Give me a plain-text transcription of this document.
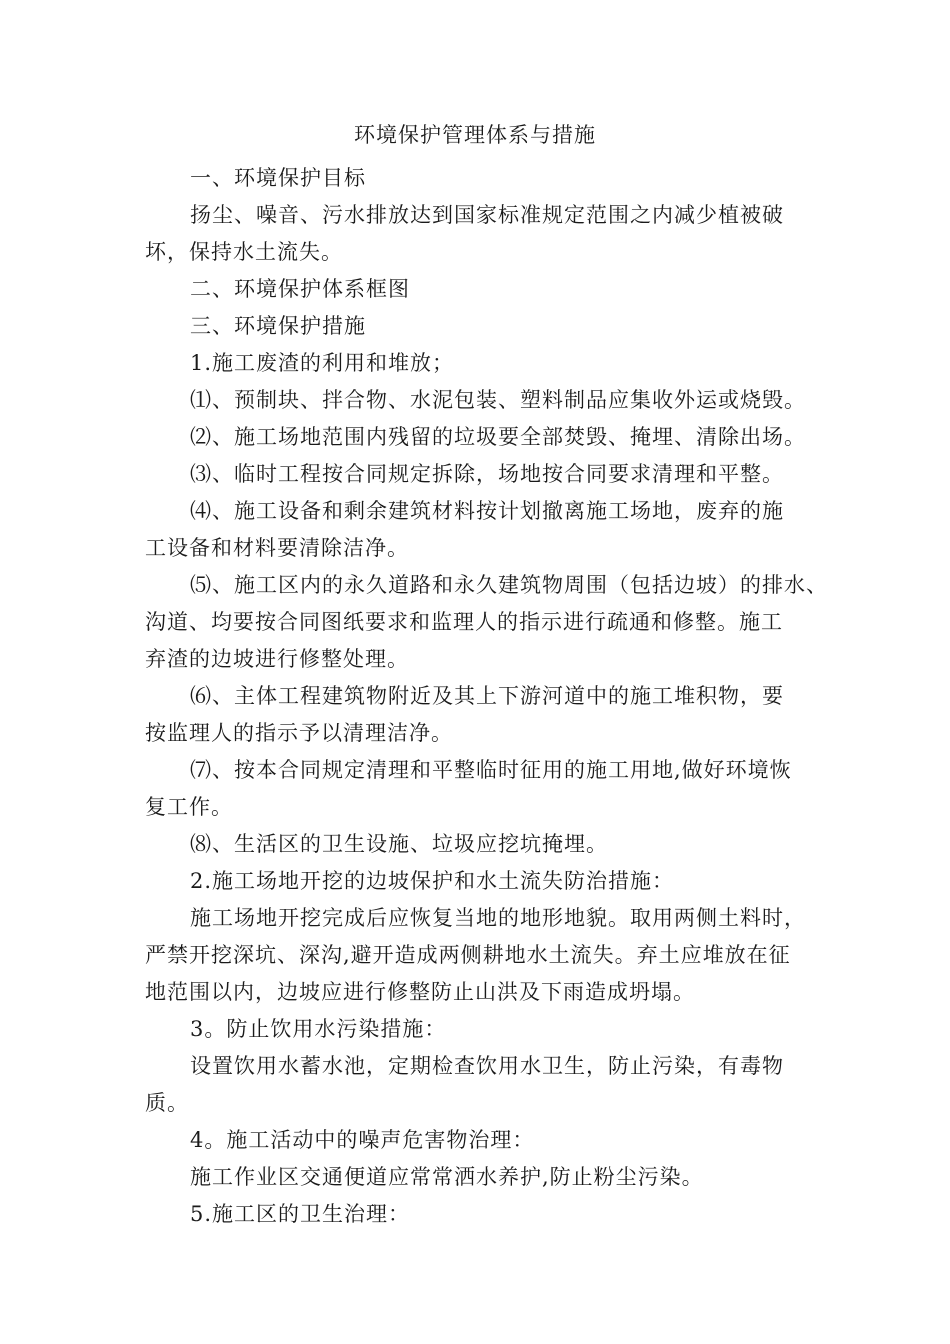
环境保护管理体系与措施

一、环境保护目标

扬尘、噪音、污水排放达到国家标准规定范围之内减少植被破

坏，保持水土流失。

二、环境保护体系框图

三、环境保护措施

1.施工废渣的利用和堆放；

⑴、预制块、拌合物、水泥包装、塑料制品应集收外运或烧毁。

⑵、施工场地范围内残留的垃圾要全部焚毁、掩埋、清除出场。

⑶、临时工程按合同规定拆除，场地按合同要求清理和平整。

⑷、施工设备和剩余建筑材料按计划撤离施工场地，废弃的施

工设备和材料要清除洁净。

⑸、施工区内的永久道路和永久建筑物周围（包括边坡）的排水、

沟道、均要按合同图纸要求和监理人的指示进行疏通和修整。施工

弃渣的边坡进行修整处理。

⑹、主体工程建筑物附近及其上下游河道中的施工堆积物，要

按监理人的指示予以清理洁净。

⑺、按本合同规定清理和平整临时征用的施工用地,做好环境恢

复工作。

⑻、生活区的卫生设施、垃圾应挖坑掩埋。

2.施工场地开挖的边坡保护和水土流失防治措施：

施工场地开挖完成后应恢复当地的地形地貌。取用两侧土料时，

严禁开挖深坑、深沟,避开造成两侧耕地水土流失。弃土应堆放在征

地范围以内，边坡应进行修整防止山洪及下雨造成坍塌。

3。防止饮用水污染措施：

设置饮用水蓄水池，定期检查饮用水卫生，防止污染，有毒物

质。

4。施工活动中的噪声危害物治理：

施工作业区交通便道应常常洒水养护,防止粉尘污染。

5.施工区的卫生治理：
